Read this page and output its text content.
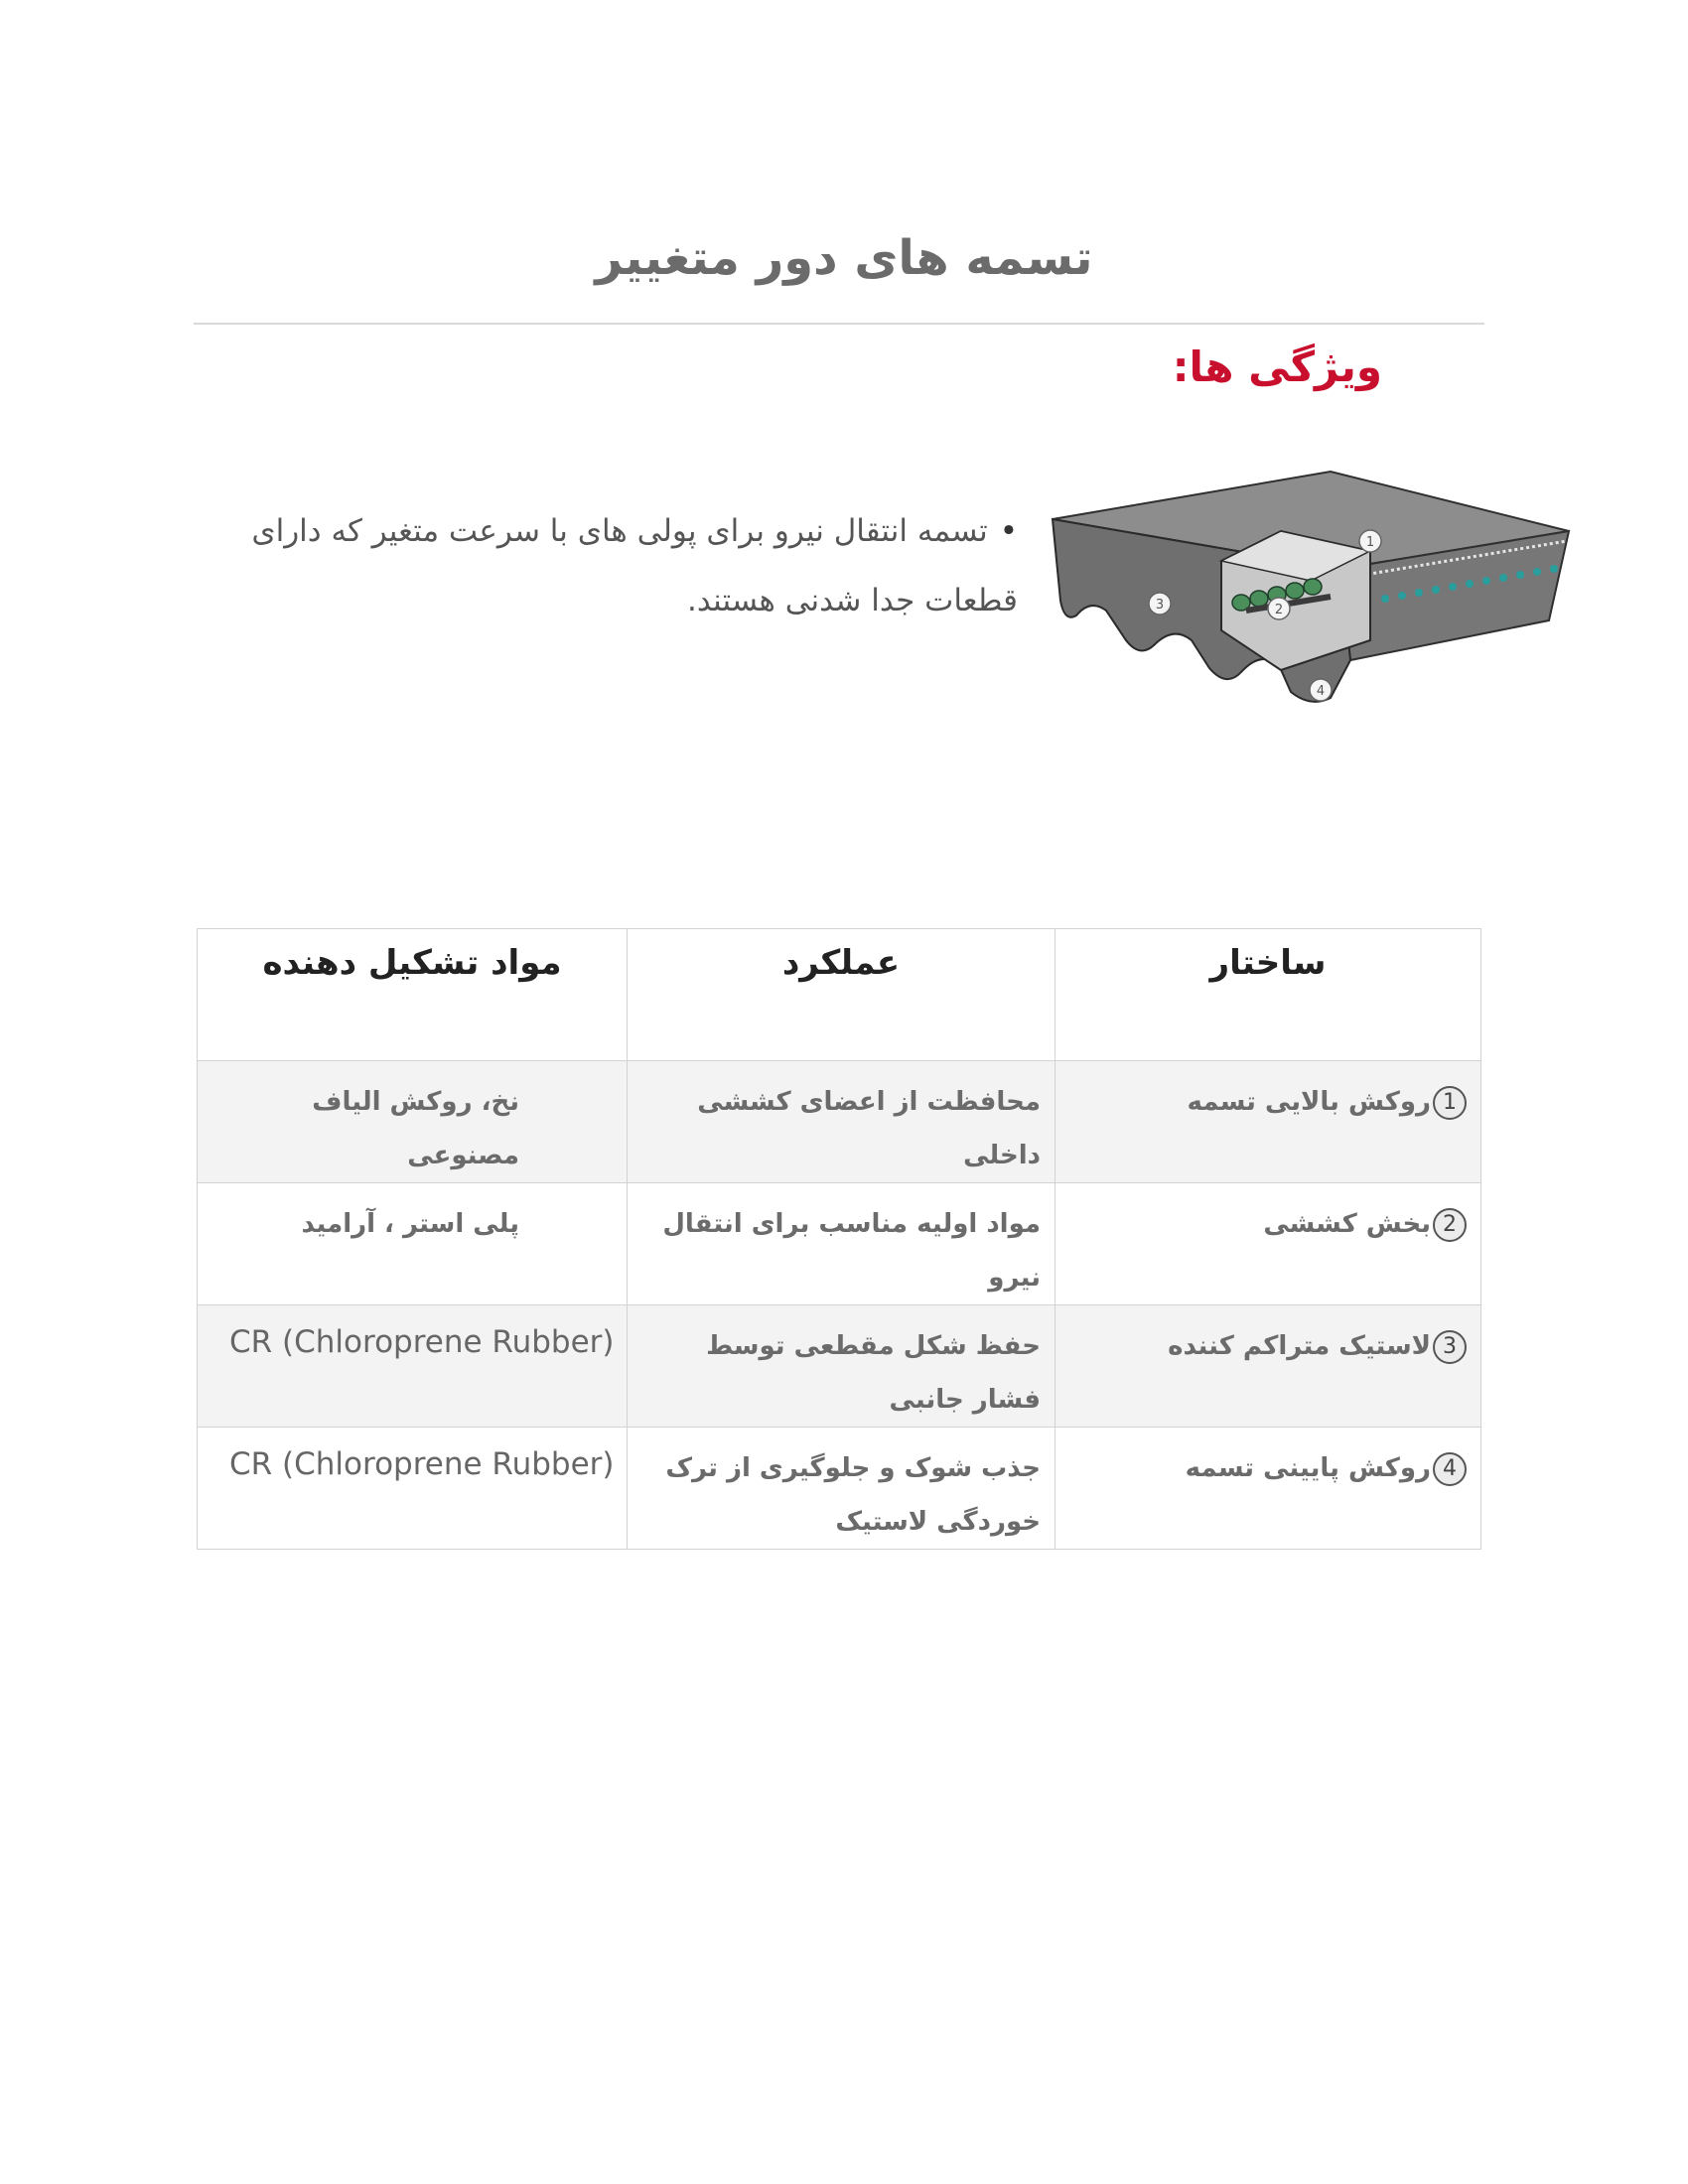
تسمه های دور متغییر
ویژگی ها:
•تسمه انتقال نیرو برای پولی های با سرعت متغیر که دارای قطعات جدا شدنی هستند.
1
2
3
4
ساختار	عملکرد	مواد تشکیل دهنده

1روکش بالایی تسمه	محافظت از اعضای کششی داخلی	نخ، روکش الیاف مصنوعی

2بخش کششی	مواد اولیه مناسب برای انتقال نیرو	پلی استر ، آرامید

3لاستیک متراکم کننده	حفظ شکل مقطعی توسط فشار جانبی	CR (Chloroprene Rubber)

4روکش پایینی تسمه	جذب شوک و جلوگیری از ترک خوردگی لاستیک	CR (Chloroprene Rubber)
